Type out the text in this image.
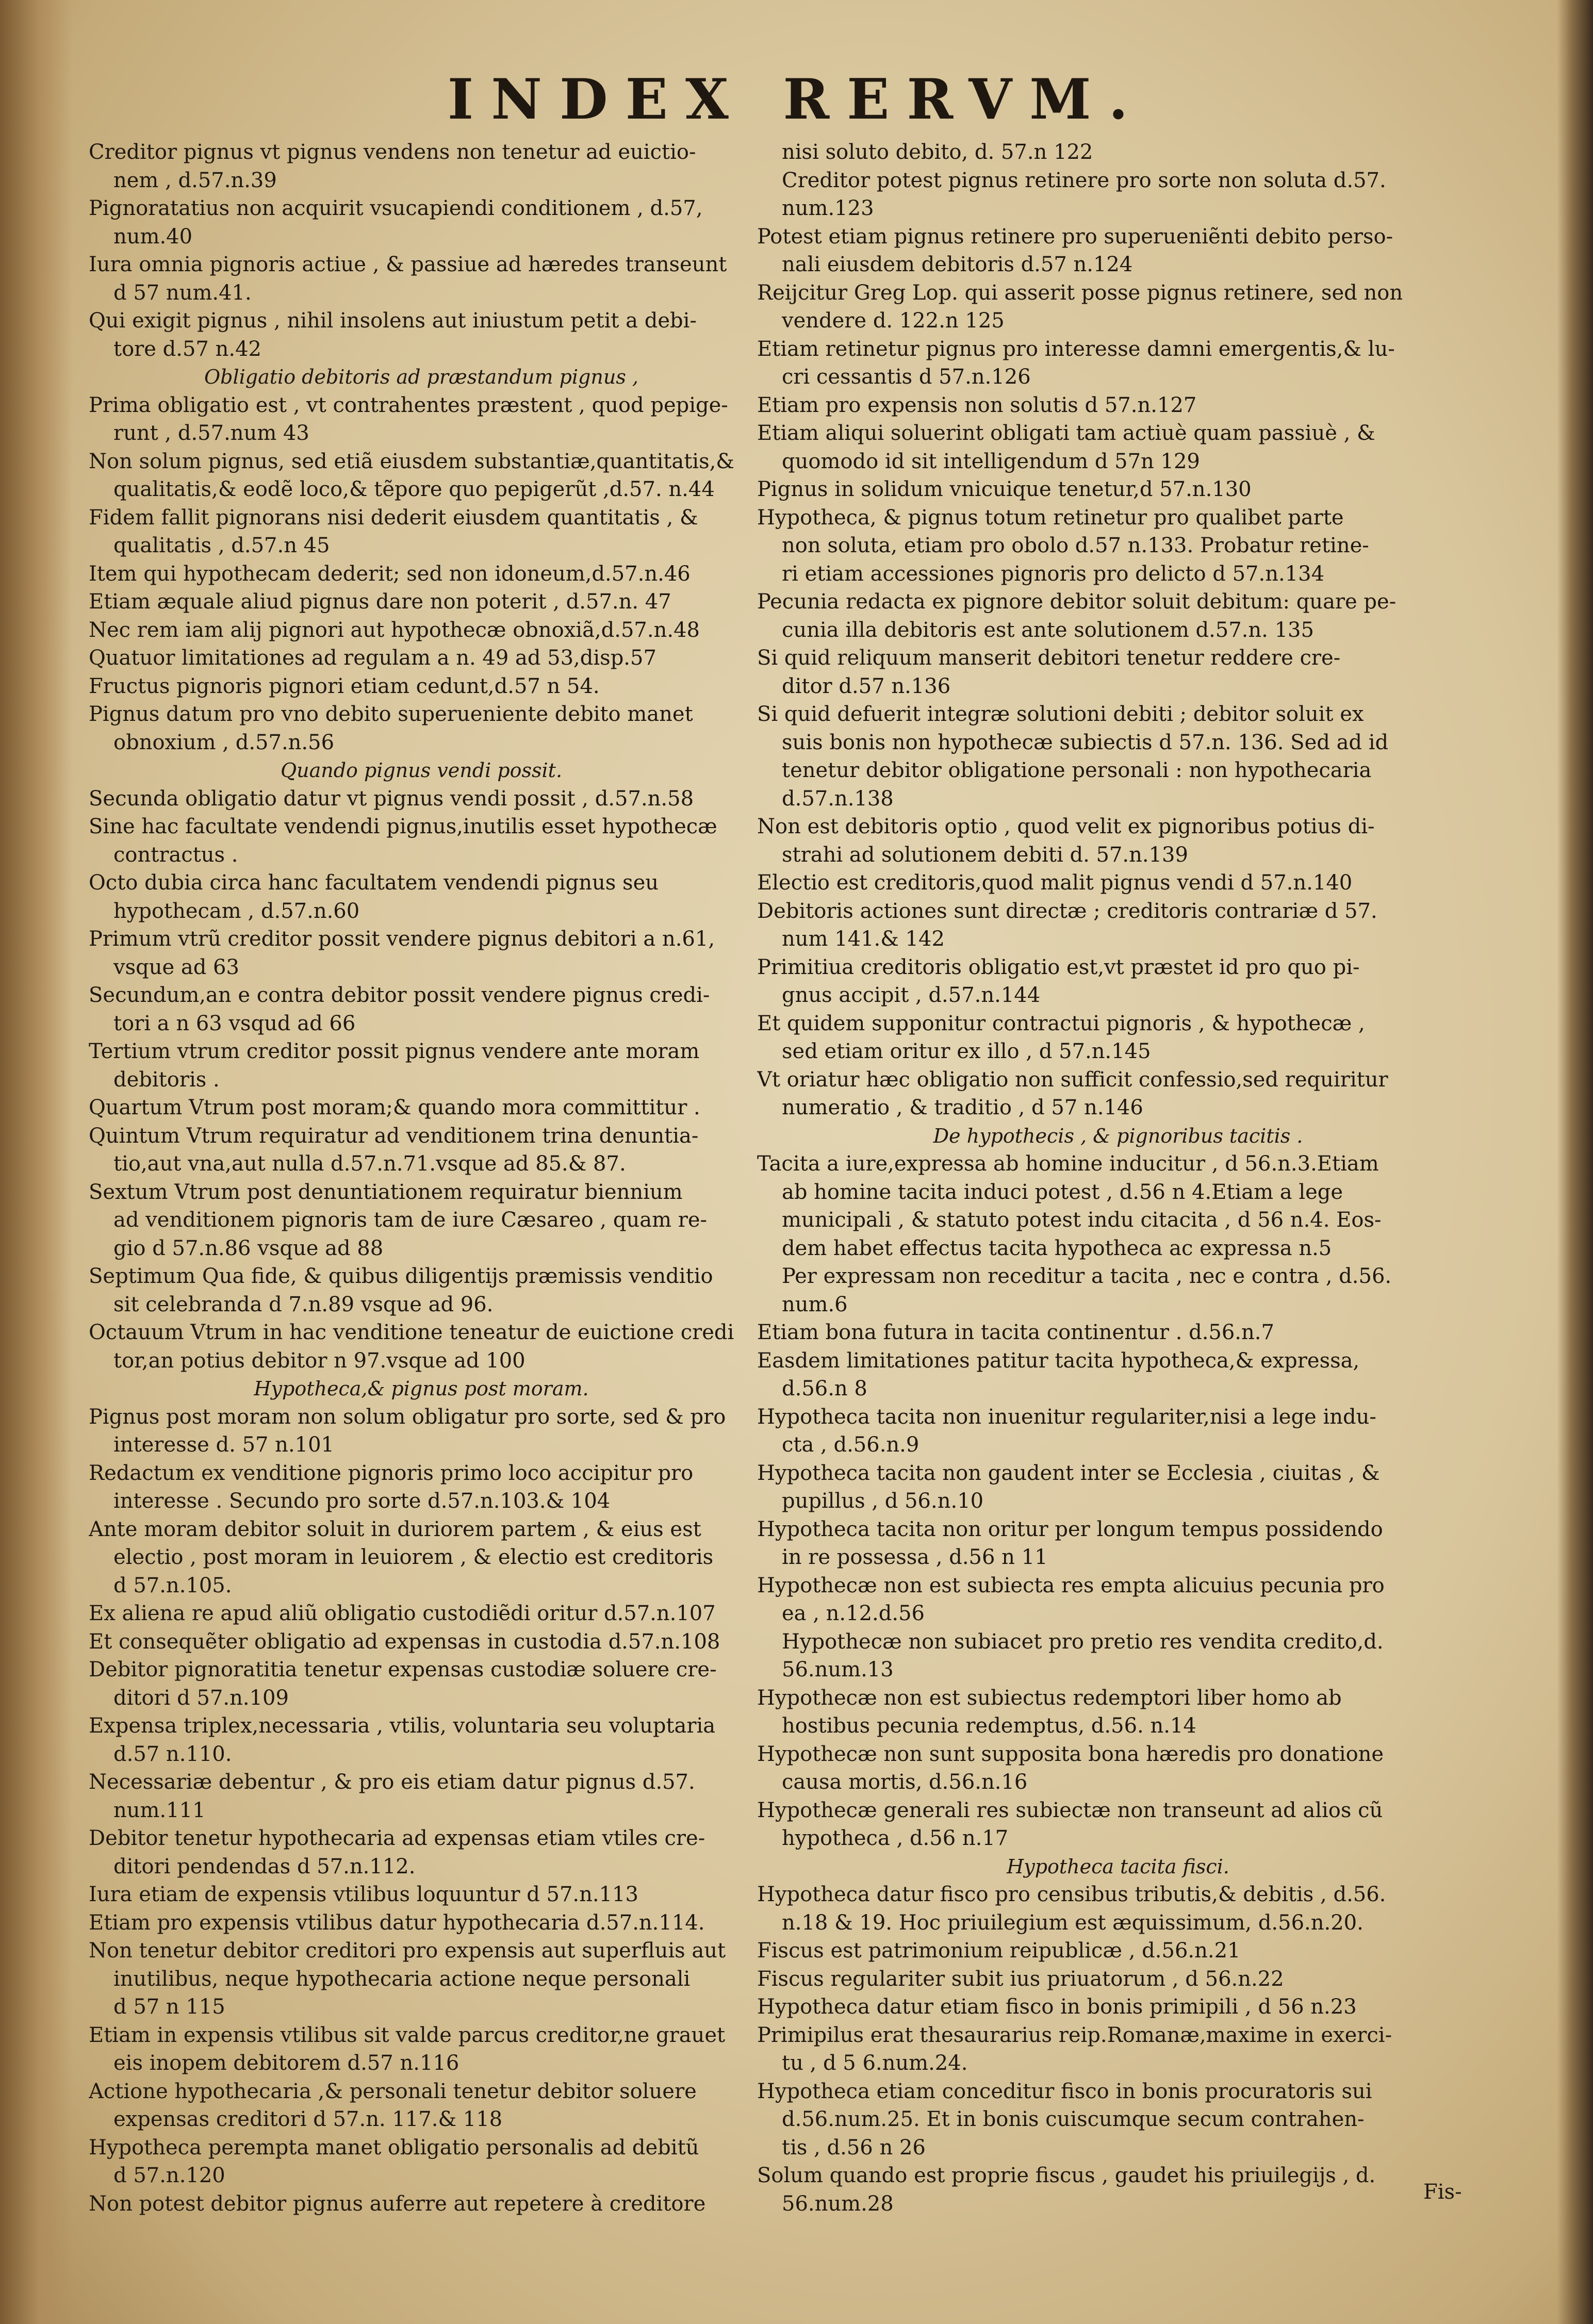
INDEX RERVM.
Creditor pignus vt pignus vendens non tenetur ad euictio-
nem , d.57.n.39
Pignoratatius non acquirit vsucapiendi conditionem , d.57,
num.40
Iura omnia pignoris actiue , & passiue ad hæredes transeunt
d 57 num.41.
Qui exigit pignus , nihil insolens aut iniustum petit a debi-
tore d.57 n.42
Obligatio debitoris ad præstandum pignus ,
Prima obligatio est , vt contrahentes præstent , quod pepige-
runt , d.57.num 43
Non solum pignus, sed etiã eiusdem substantiæ,quantitatis,&
qualitatis,& eodẽ loco,& tẽpore quo pepigerũt ,d.57. n.44
Fidem fallit pignorans nisi dederit eiusdem quantitatis , &
qualitatis , d.57.n 45
Item qui hypothecam dederit; sed non idoneum,d.57.n.46
Etiam æquale aliud pignus dare non poterit , d.57.n. 47
Nec rem iam alij pignori aut hypothecæ obnoxiã,d.57.n.48
Quatuor limitationes ad regulam a n. 49 ad 53,disp.57
Fructus pignoris pignori etiam cedunt,d.57 n 54.
Pignus datum pro vno debito superueniente debito manet
obnoxium , d.57.n.56
Quando pignus vendi possit.
Secunda obligatio datur vt pignus vendi possit , d.57.n.58
Sine hac facultate vendendi pignus,inutilis esset hypothecæ
contractus .
Octo dubia circa hanc facultatem vendendi pignus seu
hypothecam , d.57.n.60
Primum vtrũ creditor possit vendere pignus debitori a n.61,
vsque ad 63
Secundum,an e contra debitor possit vendere pignus credi-
tori a n 63 vsqud ad 66
Tertium vtrum creditor possit pignus vendere ante moram
debitoris .
Quartum Vtrum post moram;& quando mora committitur .
Quintum Vtrum requiratur ad venditionem trina denuntia-
tio,aut vna,aut nulla d.57.n.71.vsque ad 85.& 87.
Sextum Vtrum post denuntiationem requiratur biennium
ad venditionem pignoris tam de iure Cæsareo , quam re-
gio d 57.n.86 vsque ad 88
Septimum Qua fide, & quibus diligentijs præmissis venditio
sit celebranda d 7.n.89 vsque ad 96.
Octauum Vtrum in hac venditione teneatur de euictione credi
tor,an potius debitor n 97.vsque ad 100
Hypotheca,& pignus post moram.
Pignus post moram non solum obligatur pro sorte, sed & pro
interesse d. 57 n.101
Redactum ex venditione pignoris primo loco accipitur pro
interesse . Secundo pro sorte d.57.n.103.& 104
Ante moram debitor soluit in duriorem partem , & eius est
electio , post moram in leuiorem , & electio est creditoris
d 57.n.105.
Ex aliena re apud aliũ obligatio custodiẽdi oritur d.57.n.107
Et consequẽter obligatio ad expensas in custodia d.57.n.108
Debitor pignoratitia tenetur expensas custodiæ soluere cre-
ditori d 57.n.109
Expensa triplex,necessaria , vtilis, voluntaria seu voluptaria
d.57 n.110.
Necessariæ debentur , & pro eis etiam datur pignus d.57.
num.111
Debitor tenetur hypothecaria ad expensas etiam vtiles cre-
ditori pendendas d 57.n.112.
Iura etiam de expensis vtilibus loquuntur d 57.n.113
Etiam pro expensis vtilibus datur hypothecaria d.57.n.114.
Non tenetur debitor creditori pro expensis aut superfluis aut
inutilibus, neque hypothecaria actione neque personali
d 57 n 115
Etiam in expensis vtilibus sit valde parcus creditor,ne grauet
eis inopem debitorem d.57 n.116
Actione hypothecaria ,& personali tenetur debitor soluere
expensas creditori d 57.n. 117.& 118
Hypotheca perempta manet obligatio personalis ad debitũ
d 57.n.120
Non potest debitor pignus auferre aut repetere à creditore
nisi soluto debito, d. 57.n 122
Creditor potest pignus retinere pro sorte non soluta d.57.
num.123
Potest etiam pignus retinere pro superueniẽnti debito perso-
nali eiusdem debitoris d.57 n.124
Reijcitur Greg Lop. qui asserit posse pignus retinere, sed non
vendere d. 122.n 125
Etiam retinetur pignus pro interesse damni emergentis,& lu-
cri cessantis d 57.n.126
Etiam pro expensis non solutis d 57.n.127
Etiam aliqui soluerint obligati tam actiuè quam passiuè , &
quomodo id sit intelligendum d 57n 129
Pignus in solidum vnicuique tenetur,d 57.n.130
Hypotheca, & pignus totum retinetur pro qualibet parte
non soluta, etiam pro obolo d.57 n.133. Probatur retine-
ri etiam accessiones pignoris pro delicto d 57.n.134
Pecunia redacta ex pignore debitor soluit debitum: quare pe-
cunia illa debitoris est ante solutionem d.57.n. 135
Si quid reliquum manserit debitori tenetur reddere cre-
ditor d.57 n.136
Si quid defuerit integræ solutioni debiti ; debitor soluit ex
suis bonis non hypothecæ subiectis d 57.n. 136. Sed ad id
tenetur debitor obligatione personali : non hypothecaria
d.57.n.138
Non est debitoris optio , quod velit ex pignoribus potius di-
strahi ad solutionem debiti d. 57.n.139
Electio est creditoris,quod malit pignus vendi d 57.n.140
Debitoris actiones sunt directæ ; creditoris contrariæ d 57.
num 141.& 142
Primitiua creditoris obligatio est,vt præstet id pro quo pi-
gnus accipit , d.57.n.144
Et quidem supponitur contractui pignoris , & hypothecæ ,
sed etiam oritur ex illo , d 57.n.145
Vt oriatur hæc obligatio non sufficit confessio,sed requiritur
numeratio , & traditio , d 57 n.146
De hypothecis , & pignoribus tacitis .
Tacita a iure,expressa ab homine inducitur , d 56.n.3.Etiam
ab homine tacita induci potest , d.56 n 4.Etiam a lege
municipali , & statuto potest indu citacita , d 56 n.4. Eos-
dem habet effectus tacita hypotheca ac expressa n.5
Per expressam non receditur a tacita , nec e contra , d.56.
num.6
Etiam bona futura in tacita continentur . d.56.n.7
Easdem limitationes patitur tacita hypotheca,& expressa,
d.56.n 8
Hypotheca tacita non inuenitur regulariter,nisi a lege indu-
cta , d.56.n.9
Hypotheca tacita non gaudent inter se Ecclesia , ciuitas , &
pupillus , d 56.n.10
Hypotheca tacita non oritur per longum tempus possidendo
in re possessa , d.56 n 11
Hypothecæ non est subiecta res empta alicuius pecunia pro
ea , n.12.d.56
Hypothecæ non subiacet pro pretio res vendita credito,d.
56.num.13
Hypothecæ non est subiectus redemptori liber homo ab
hostibus pecunia redemptus, d.56. n.14
Hypothecæ non sunt supposita bona hæredis pro donatione
causa mortis, d.56.n.16
Hypothecæ generali res subiectæ non transeunt ad alios cũ
hypotheca , d.56 n.17
Hypotheca tacita fisci.
Hypotheca datur fisco pro censibus tributis,& debitis , d.56.
n.18 & 19. Hoc priuilegium est æquissimum, d.56.n.20.
Fiscus est patrimonium reipublicæ , d.56.n.21
Fiscus regulariter subit ius priuatorum , d 56.n.22
Hypotheca datur etiam fisco in bonis primipili , d 56 n.23
Primipilus erat thesaurarius reip.Romanæ,maxime in exerci-
tu , d 5 6.num.24.
Hypotheca etiam conceditur fisco in bonis procuratoris sui
d.56.num.25. Et in bonis cuiscumque secum contrahen-
tis , d.56 n 26
Solum quando est proprie fiscus , gaudet his priuilegijs , d.
56.num.28	Fis-
